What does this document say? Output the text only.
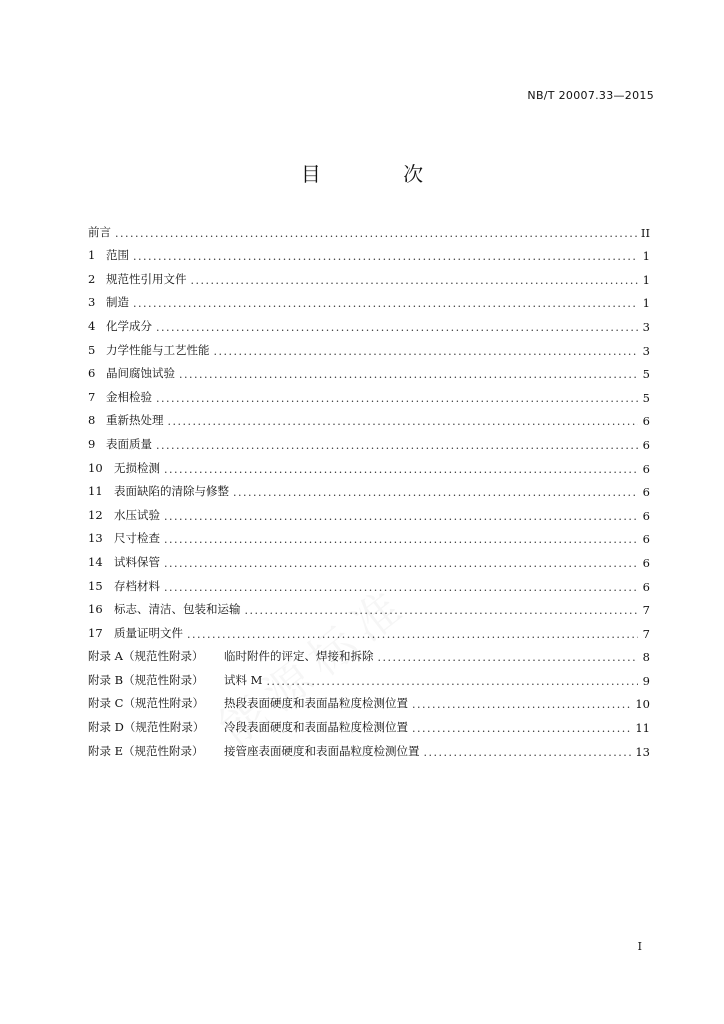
NB/T 20007.33—2015
目 次
前言 . . .	II
1 范围 . . .	1
2 规范性引用文件 . . .	1
3 制造 . . .	1
4 化学成分 . . .	3
5 力学性能与工艺性能 . . .	3
6 晶间腐蚀试验 . . .	5
7 金相检验 . . .	5
8 重新热处理 . . .	6
9 表面质量 . . .	6
10 无损检测 . . .	6
11 表面缺陷的清除与修整 . . .	6
12 水压试验 . . .	6
13 尺寸检查 . . .	6
14 试料保管 . . .	6
15 存档材料 . . .	6
16 标志、清洁、包装和运输 . . .	7
17 质量证明文件 . . .	7
附录 A（规范性附录） 临时附件的评定、焊接和拆除 . . .	8
附录 B（规范性附录） 试料 M . . .	9
附录 C（规范性附录） 热段表面硬度和表面晶粒度检测位置 . . .	10
附录 D（规范性附录） 冷段表面硬度和表面晶粒度检测位置 . . .	11
附录 E（规范性附录） 接管座表面硬度和表面晶粒度检测位置 . . .	13
I
